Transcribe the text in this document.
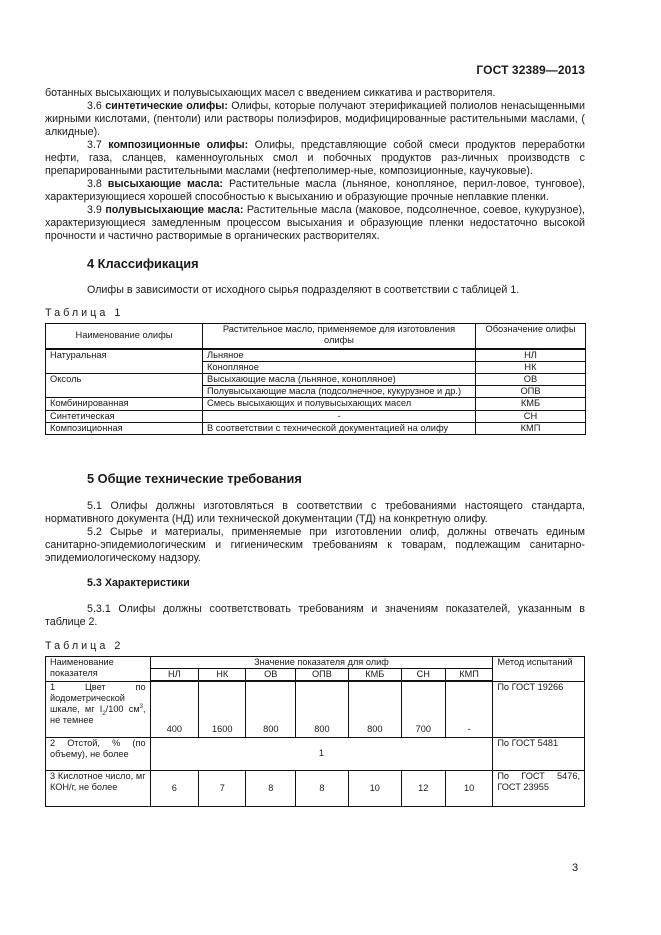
ГОСТ 32389—2013

ботанных высыхающих и полувысыхающих масел с введением сиккатива и растворителя.

3.6 синтетические олифы: Олифы, которые получают этерификацией полиолов ненасыщенными жирными кислотами, (пентоли) или растворы полиэфиров, модифицированные растительными маслами, ( алкидные).

3.7 композиционные олифы: Олифы, представляющие собой смеси продуктов переработки нефти, газа, сланцев, каменноугольных смол и побочных продуктов раз-личных производств с препарированными растительными маслами (нефтеполимер-ные, композиционные, каучуковые).

3.8 высыхающие масла: Растительные масла (льняное, конопляное, перил-ловое, тунговое), характеризующиеся хорошей способностью к высыханию и образующие прочные неплавкие пленки.

3.9 полувысыхающие масла: Растительные масла (маковое, подсолнечное, соевое, кукурузное), характеризующиеся замедленным процессом высыхания и образующие пленки недостаточно высокой прочности и частично растворимые в органических растворителях.

4 Классификация

Олифы в зависимости от исходного сырья подразделяют в соответствии с таблицей 1.

Таблица 1
Наименование олифы	Растительное масло, применяемое для изготовления олифы	Обозначение олифы
Натуральная	Льняное	НЛ
	Конопляное	НК
Оксоль	Высыхающие масла (льняное, конопляное)	ОВ
	Полувысыхающие масла (подсолнечное, кукурузное и др.)	ОПВ
Комбинированная	Смесь высыхающих и полувысыхающих масел	КМБ
Синтетическая	-	СН
Композиционная	В соответствии с технической документацией на олифу	КМП
5 Общие технические требования

5.1 Олифы должны изготовляться в соответствии с требованиями настоящего стандарта, нормативного документа (НД) или технической документации (ТД) на конкретную олифу.

5.2 Сырье и материалы, применяемые при изготовлении олиф, должны отвечать единым санитарно-эпидемиологическим и гигиеническим требованиям к товарам, подлежащим санитарно-эпидемиологическому надзору.

5.3 Характеристики

5.3.1 Олифы должны соответствовать требованиям и значениям показателей, указанным в таблице 2.

Таблица 2
Наименование показателя	Значение показателя для олиф							Метод испытаний
	НЛ	НК	ОВ	ОПВ	КМБ	СН	КМП	
1 Цвет по йодометрической шкале, мг $I_2/100$ $см^3$, не темнее	400	1600	800	800	800	700	-	По ГОСТ 19266
2 Отстой, % (по объему), не более	1							По ГОСТ 5481
3 Кислотное число, мг КОН/г, не более	6	7	8	8	10	12	10	По ГОСТ 5476, ГОСТ 23955
3
